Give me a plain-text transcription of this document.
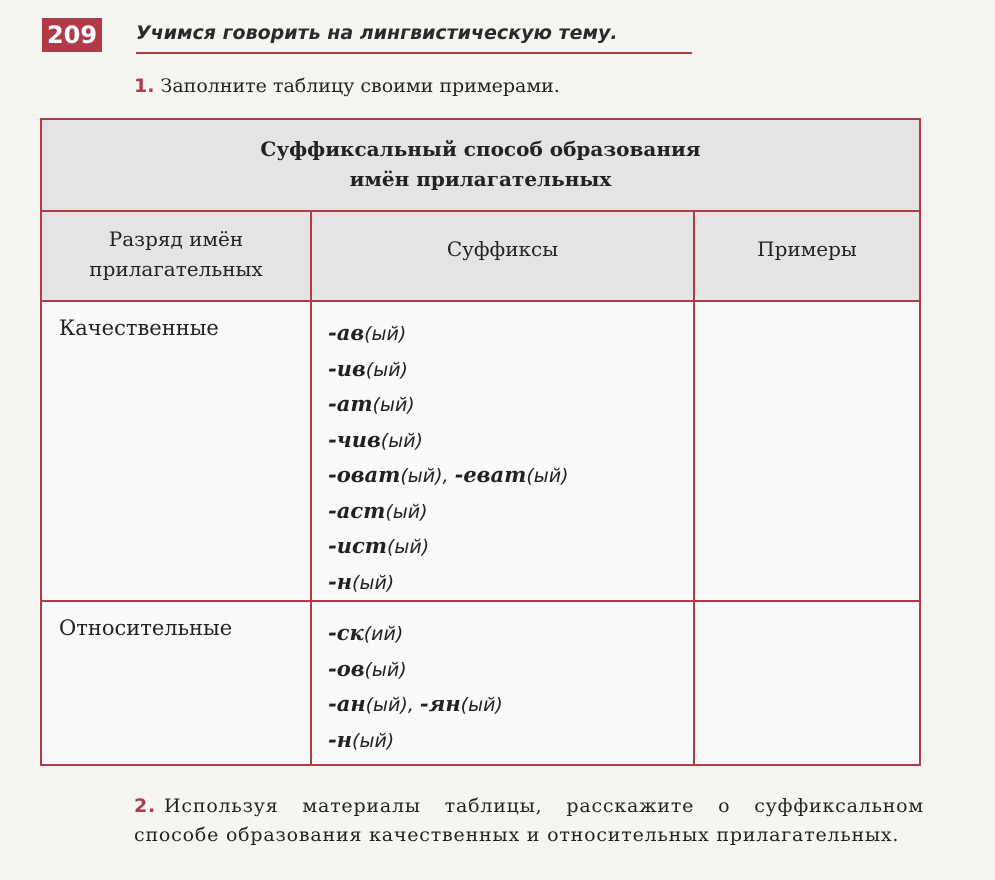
209 Учимся говорить на лингвистическую тему.
1. Заполните таблицу своими примерами.
Суффиксальный способ образования
имён прилагательных
Разряд имён
прилагательных
Суффиксы	Примеры
Качественные	-ав(ый)
-ив(ый)
-ат(ый)
-чив(ый)
-оват(ый), -еват(ый)
-аст(ый)
-ист(ый)
-н(ый)
Относительные	-ск(ий)
-ов(ый)
-ан(ый), -ян(ый)
-н(ый)
2. Используя материалы таблицы, расскажите о суффиксальном способе образования качественных и относительных прилагательных.
